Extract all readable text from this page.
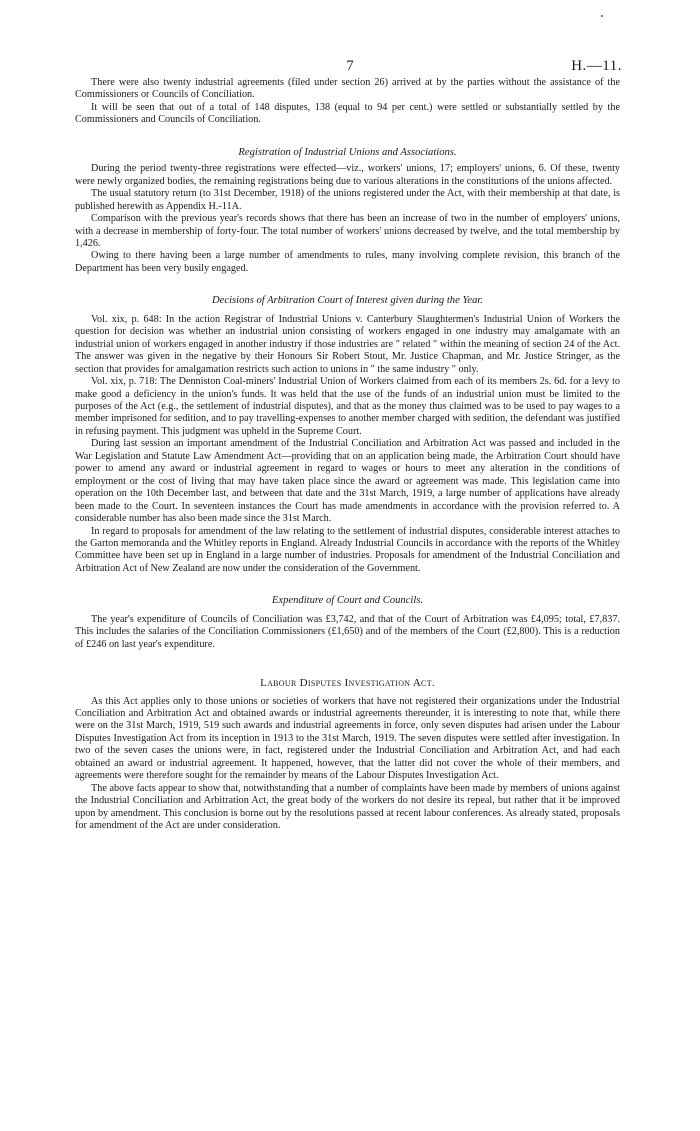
7	H.—11.

There were also twenty industrial agreements (filed under section 26) arrived at by the parties without the assistance of the Commissioners or Councils of Conciliation.

It will be seen that out of a total of 148 disputes, 138 (equal to 94 per cent.) were settled or substantially settled by the Commissioners and Councils of Conciliation.

Registration of Industrial Unions and Associations.

During the period twenty-three registrations were effected—viz., workers' unions, 17; employers' unions, 6. Of these, twenty were newly organized bodies, the remaining registrations being due to various alterations in the constitutions of the unions affected.

The usual statutory return (to 31st December, 1918) of the unions registered under the Act, with their membership at that date, is published herewith as Appendix H.-11A.

Comparison with the previous year's records shows that there has been an increase of two in the number of employers' unions, with a decrease in membership of forty-four. The total number of workers' unions decreased by twelve, and the total membership by 1,426.

Owing to there having been a large number of amendments to rules, many involving complete revision, this branch of the Department has been very busily engaged.

Decisions of Arbitration Court of Interest given during the Year.

Vol. xix, p. 648: In the action Registrar of Industrial Unions v. Canterbury Slaughtermen's Industrial Union of Workers the question for decision was whether an industrial union consisting of workers engaged in one industry may amalgamate with an industrial union of workers engaged in another industry if those industries are " related " within the meaning of section 24 of the Act. The answer was given in the negative by their Honours Sir Robert Stout, Mr. Justice Chapman, and Mr. Justice Stringer, as the section that provides for amalgamation restricts such action to unions in " the same industry " only.

Vol. xix, p. 718: The Denniston Coal-miners' Industrial Union of Workers claimed from each of its members 2s. 6d. for a levy to make good a deficiency in the union's funds. It was held that the use of the funds of an industrial union must be limited to the purposes of the Act (e.g., the settlement of industrial disputes), and that as the money thus claimed was to be used to pay wages to a member imprisoned for sedition, and to pay travelling-expenses to another member charged with sedition, the defendant was justified in refusing payment. This judgment was upheld in the Supreme Court.

During last session an important amendment of the Industrial Conciliation and Arbitration Act was passed and included in the War Legislation and Statute Law Amendment Act—providing that on an application being made, the Arbitration Court should have power to amend any award or industrial agreement in regard to wages or hours to meet any alteration in the conditions of employment or the cost of living that may have taken place since the award or agreement was made. This legislation came into operation on the 10th December last, and between that date and the 31st March, 1919, a large number of applications have already been made to the Court. In seventeen instances the Court has made amendments in accordance with the provision referred to. A considerable number has also been made since the 31st March.

In regard to proposals for amendment of the law relating to the settlement of industrial disputes, considerable interest attaches to the Garton memoranda and the Whitley reports in England. Already Industrial Councils in accordance with the reports of the Whitley Committee have been set up in England in a large number of industries. Proposals for amendment of the Industrial Conciliation and Arbitration Act of New Zealand are now under the consideration of the Government.

Expenditure of Court and Councils.

The year's expenditure of Councils of Conciliation was £3,742, and that of the Court of Arbitration was £4,095; total, £7,837. This includes the salaries of the Conciliation Commissioners (£1,650) and of the members of the Court (£2,800). This is a reduction of £246 on last year's expenditure.

Labour Disputes Investigation Act.

As this Act applies only to those unions or societies of workers that have not registered their organizations under the Industrial Conciliation and Arbitration Act and obtained awards or industrial agreements thereunder, it is interesting to note that, while there were on the 31st March, 1919, 519 such awards and industrial agreements in force, only seven disputes had arisen under the Labour Disputes Investigation Act from its inception in 1913 to the 31st March, 1919. The seven disputes were settled after investigation. In two of the seven cases the unions were, in fact, registered under the Industrial Conciliation and Arbitration Act, and had each obtained an award or industrial agreement. It happened, however, that the latter did not cover the whole of their members, and agreements were therefore sought for the remainder by means of the Labour Disputes Investigation Act.

The above facts appear to show that, notwithstanding that a number of complaints have been made by members of unions against the Industrial Conciliation and Arbitration Act, the great body of the workers do not desire its repeal, but rather that it be improved upon by amendment. This conclusion is borne out by the resolutions passed at recent labour conferences. As already stated, proposals for amendment of the Act are under consideration.
